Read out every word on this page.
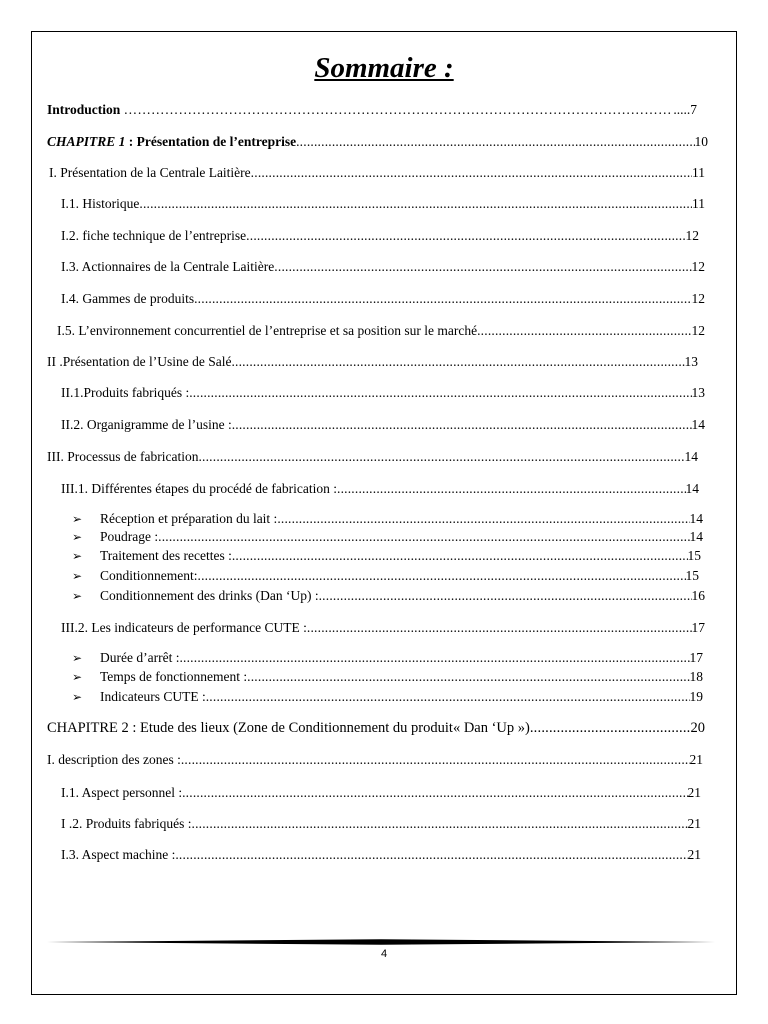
Sommaire :
Introduction ………………………………………………………………………………………………………………………………………………	.....7
CHAPITRE 1 : Présentation de l’entreprise .....	10
I. Présentation de la Centrale Laitière .....	11
I.1. Historique .....	11
I.2. fiche technique de l’entreprise .....	12
I.3. Actionnaires de la Centrale Laitière .....	12
I.4. Gammes de produits .....	12
I.5. L’environnement concurrentiel de l’entreprise et sa position sur le marché .....	12
II .Présentation de l’Usine de Salé .....	13
II.1.Produits fabriqués : .....	13
II.2. Organigramme de l’usine : .....	14
III. Processus de fabrication .....	14
III.1. Différentes étapes du procédé de fabrication : .....	14
➢ Réception et préparation du lait : .....	14
➢ Poudrage : .....	14
➢ Traitement des recettes : .....	15
➢ Conditionnement: .....	15
➢ Conditionnement des drinks (Dan ‘Up) : .....	16
III.2. Les indicateurs de performance CUTE : .....	17
➢ Durée d’arrêt : .....	17
➢ Temps de fonctionnement : .....	18
➢ Indicateurs CUTE : .....	19
CHAPITRE 2 : Etude des lieux (Zone de Conditionnement du produit« Dan ‘Up ») .....	20
I. description des zones : .....	21
I.1. Aspect personnel : .....	21
I .2. Produits fabriqués : .....	21
I.3. Aspect machine : .....	21
4
